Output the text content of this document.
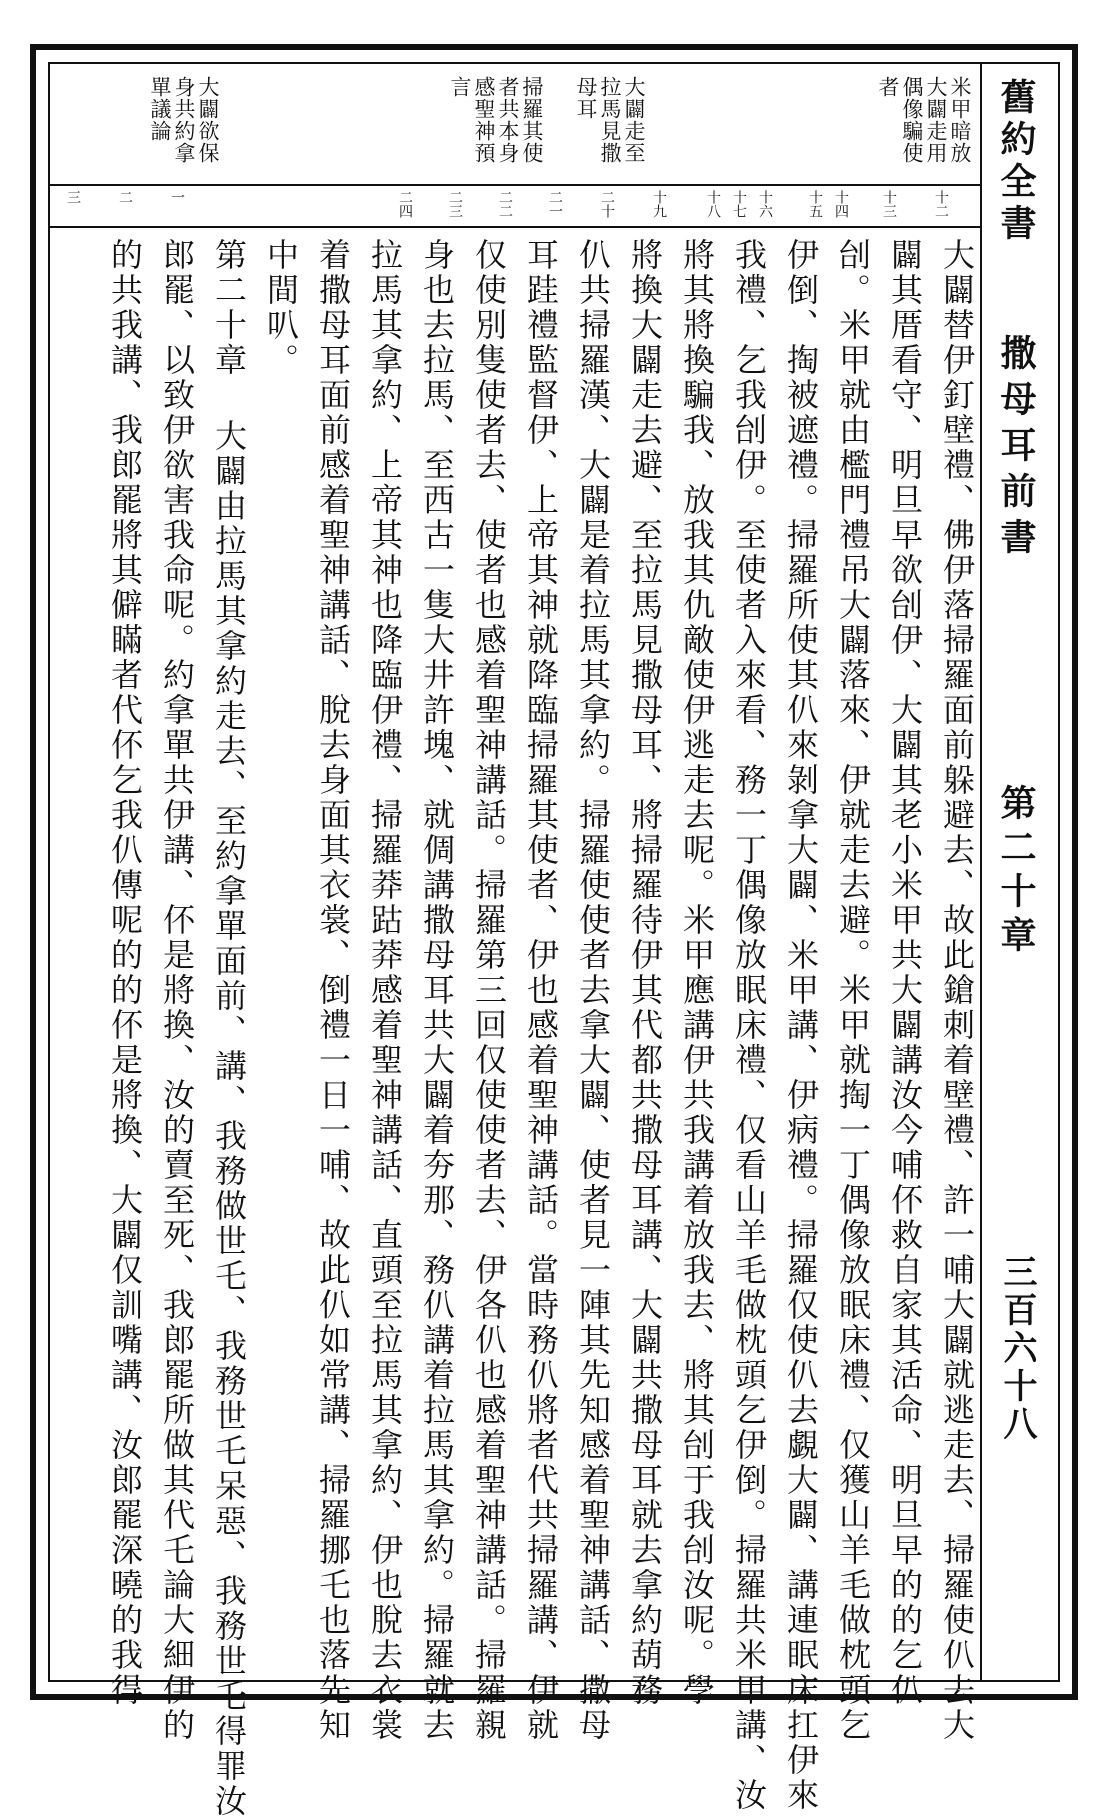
舊約全書
撒母耳前書
第二十章
三百六十八
米甲暗放
大闢走用
偶像騙使
者
大闢走至
拉馬見撒
母耳
掃羅其使
者共本身
感聖神預
言
大闢欲保
身共約拿
單議論
十二
十三
十四
十五
十六
十七
十八
十九
二十
二一
二二
二三
二四
一
二
三
大闢替伊釘壁禮、佛伊落掃羅面前躲避去、故此鎗刺着壁禮、許一哺大闢就逃走去、掃羅使仈去大
闢其厝看守、明旦早欲刣伊、大闢其老小米甲共大闢講汝今哺伓救自家其活命、明旦早的的乞仈
刣。米甲就由檻門禮吊大闢落來、伊就走去避。米甲就掏一丁偶像放眠床禮、仅獲山羊毛做枕頭乞
伊倒、掏被遮禮。掃羅所使其仈來剝拿大闢、米甲講、伊病禮。掃羅仅使仈去覷大闢、講連眠床扛伊來
我禮、乞我刣伊。至使者入來看、務一丁偶像放眠床禮、仅看山羊毛做枕頭乞伊倒。掃羅共米甲講、汝
將其將換騙我、放我其仇敵使伊逃走去呢。米甲應講伊共我講着放我去、將其刣于我刣汝呢。學
將換大闢走去避、至拉馬見撒母耳、將掃羅待伊其代都共撒母耳講、大闢共撒母耳就去拿約葫務
仈共掃羅漢、大闢是着拉馬其拿約。掃羅使使者去拿大闢、使者見一陣其先知感着聖神講話、撒母
耳跬禮監督伊、上帝其神就降臨掃羅其使者、伊也感着聖神講話。當時務仈將者代共掃羅講、伊就
仅使別隻使者去、使者也感着聖神講話。掃羅第三回仅使使者去、伊各仈也感着聖神講話。掃羅親
身也去拉馬、至西古一隻大井許塊、就倜講撒母耳共大闢着夯那、務仈講着拉馬其拿約。掃羅就去
拉馬其拿約、上帝其神也降臨伊禮、掃羅莽跍莽感着聖神講話、直頭至拉馬其拿約、伊也脫去衣裳
着撒母耳面前感着聖神講話、脫去身面其衣裳、倒禮一日一哺、故此仈如常講、掃羅挪乇也落先知
中間叭。
第二十章 大闢由拉馬其拿約走去、至約拿單面前、講、我務做世乇、我務世乇呆惡、我務世乇得罪汝
郎罷、以致伊欲害我命呢。約拿單共伊講、伓是將換、汝的賣至死、我郎罷所做其代乇論大細伊的
的共我講、我郎罷將其僻瞞者代伓乞我仈傳呢的的伓是將換、大闢仅訓嘴講、汝郎罷深曉的我得
